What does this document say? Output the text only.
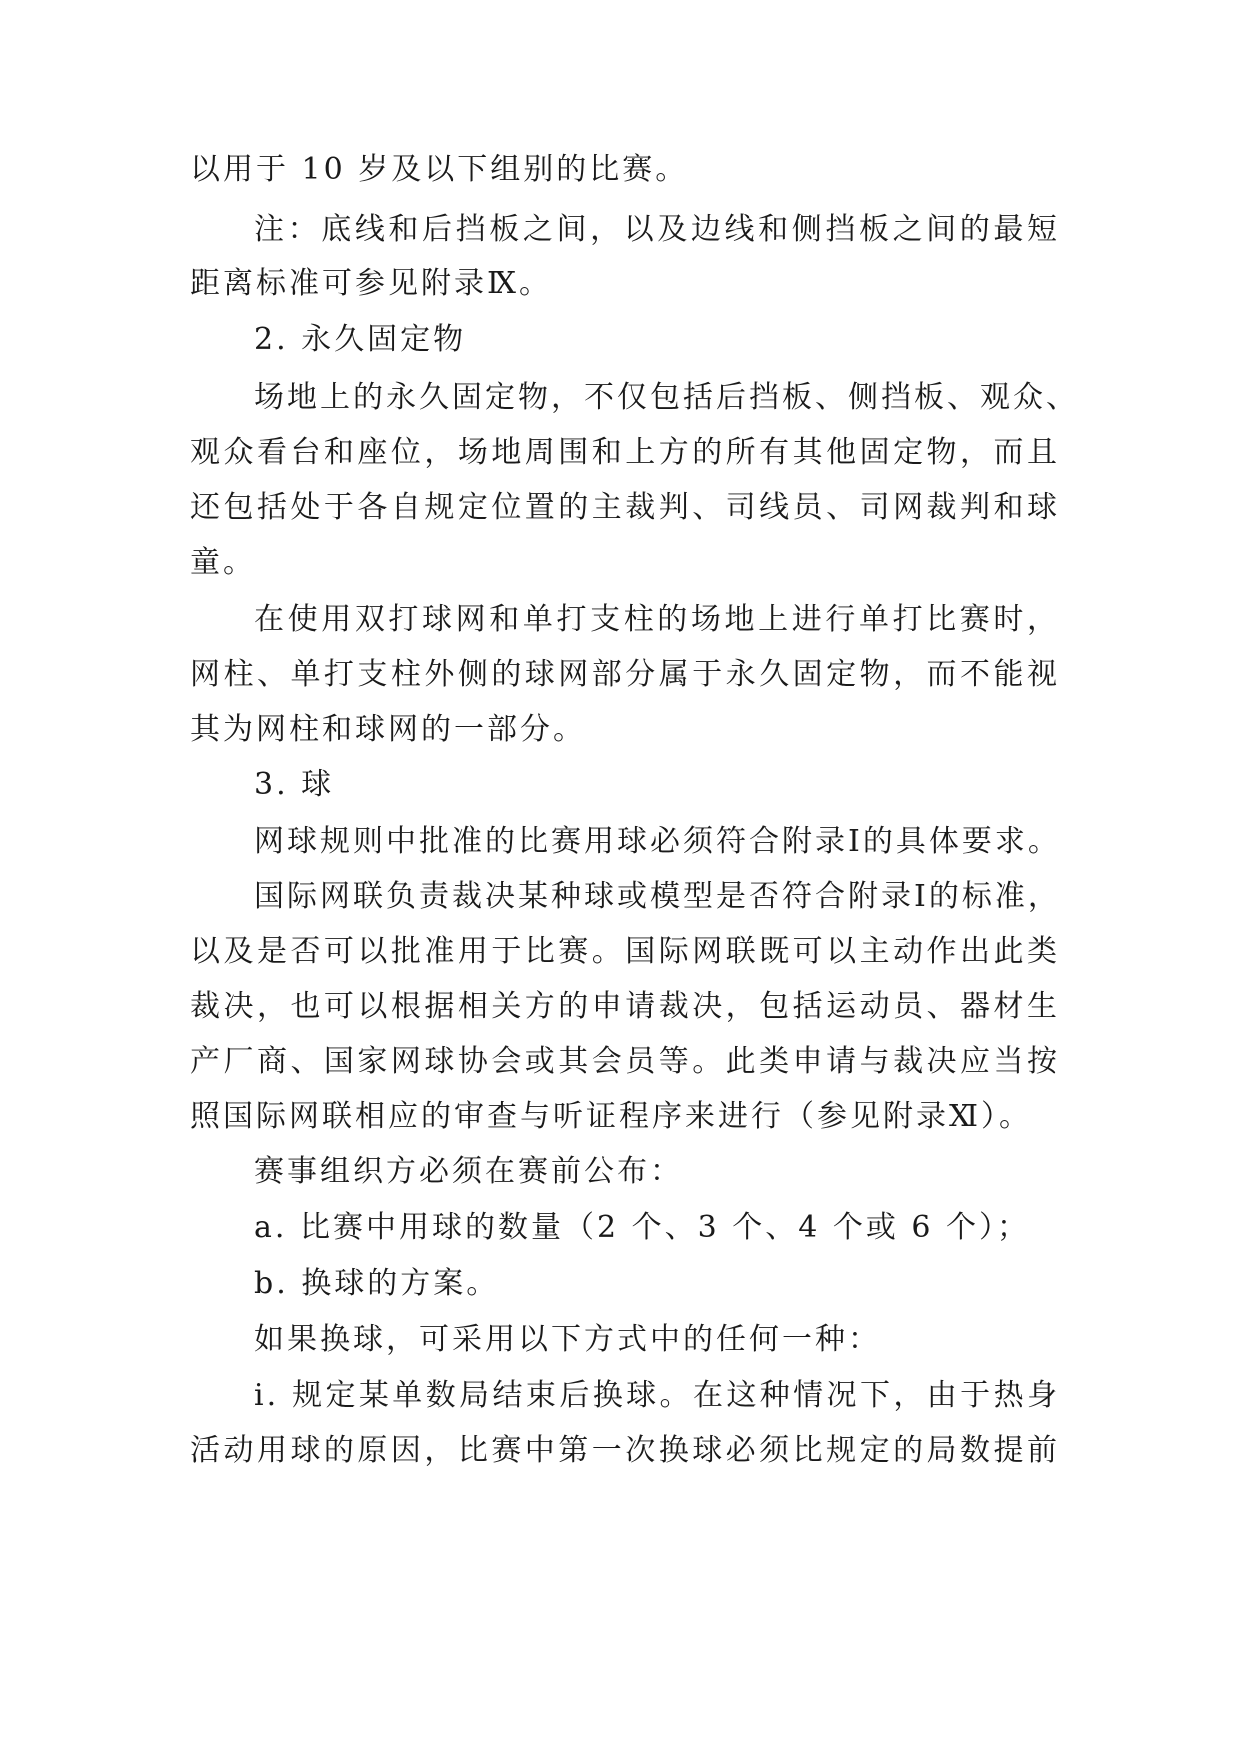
以用于 10 岁及以下组别的比赛。
注：底线和后挡板之间，以及边线和侧挡板之间的最短
距离标准可参见附录Ⅸ。
2. 永久固定物
场地上的永久固定物，不仅包括后挡板、侧挡板、观众、
观众看台和座位，场地周围和上方的所有其他固定物，而且
还包括处于各自规定位置的主裁判、司线员、司网裁判和球
童。
在使用双打球网和单打支柱的场地上进行单打比赛时，
网柱、单打支柱外侧的球网部分属于永久固定物，而不能视
其为网柱和球网的一部分。
3. 球
网球规则中批准的比赛用球必须符合附录Ⅰ的具体要求。
国际网联负责裁决某种球或模型是否符合附录Ⅰ的标准，
以及是否可以批准用于比赛。国际网联既可以主动作出此类
裁决，也可以根据相关方的申请裁决，包括运动员、器材生
产厂商、国家网球协会或其会员等。此类申请与裁决应当按
照国际网联相应的审查与听证程序来进行（参见附录Ⅺ）。
赛事组织方必须在赛前公布：
a. 比赛中用球的数量（2 个、3 个、4 个或 6 个）；
b. 换球的方案。
如果换球，可采用以下方式中的任何一种：
i. 规定某单数局结束后换球。在这种情况下，由于热身
活动用球的原因，比赛中第一次换球必须比规定的局数提前
